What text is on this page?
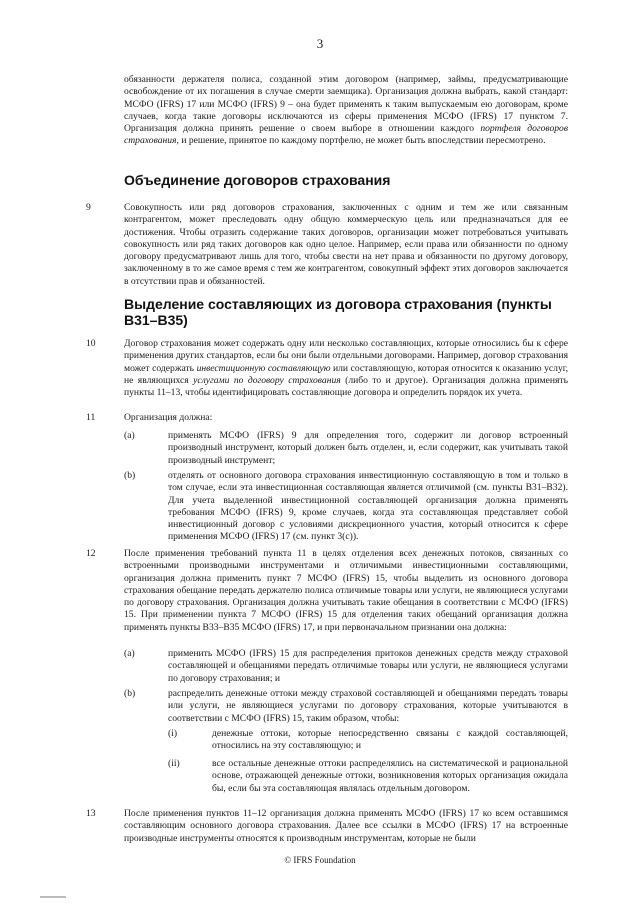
3
обязанности держателя полиса, созданной этим договором (например, займы, предусматривающие освобождение от их погашения в случае смерти заемщика). Организация должна выбрать, какой стандарт: МСФО (IFRS) 17 или МСФО (IFRS) 9 – она будет применять к таким выпускаемым ею договорам, кроме случаев, когда такие договоры исключаются из сферы применения МСФО (IFRS) 17 пунктом 7. Организация должна принять решение о своем выборе в отношении каждого портфеля договоров страхования, и решение, принятое по каждому портфелю, не может быть впоследствии пересмотрено.
Объединение договоров страхования
9	Совокупность или ряд договоров страхования, заключенных с одним и тем же или связанным контрагентом, может преследовать одну общую коммерческую цель или предназначаться для ее достижения. Чтобы отразить содержание таких договоров, организации может потребоваться учитывать совокупность или ряд таких договоров как одно целое. Например, если права или обязанности по одному договору предусматривают лишь для того, чтобы свести на нет права и обязанности по другому договору, заключенному в то же самое время с тем же контрагентом, совокупный эффект этих договоров заключается в отсутствии прав и обязанностей.
Выделение составляющих из договора страхования (пункты В31–В35)
10	Договор страхования может содержать одну или несколько составляющих, которые относились бы к сфере применения других стандартов, если бы они были отдельными договорами. Например, договор страхования может содержать инвестиционную составляющую или составляющую, которая относится к оказанию услуг, не являющихся услугами по договору страхования (либо то и другое). Организация должна применять пункты 11–13, чтобы идентифицировать составляющие договора и определить порядок их учета.
11	Организация должна:
(a)	применять МСФО (IFRS) 9 для определения того, содержит ли договор встроенный производный инструмент, который должен быть отделен, и, если содержит, как учитывать такой производный инструмент;
(b)	отделять от основного договора страхования инвестиционную составляющую в том и только в том случае, если эта инвестиционная составляющая является отличимой (см. пункты В31–В32). Для учета выделенной инвестиционной составляющей организация должна применять требования МСФО (IFRS) 9, кроме случаев, когда эта составляющая представляет собой инвестиционный договор с условиями дискреционного участия, который относится к сфере применения МСФО (IFRS) 17 (см. пункт 3(c)).
12	После применения требований пункта 11 в целях отделения всех денежных потоков, связанных со встроенными производными инструментами и отличимыми инвестиционными составляющими, организация должна применить пункт 7 МСФО (IFRS) 15, чтобы выделить из основного договора страхования обещание передать держателю полиса отличимые товары или услуги, не являющиеся услугами по договору страхования. Организация должна учитывать такие обещания в соответствии с МСФО (IFRS) 15. При применении пункта 7 МСФО (IFRS) 15 для отделения таких обещаний организация должна применять пункты В33–В35 МСФО (IFRS) 17, и при первоначальном признании она должна:
(a)	применить МСФО (IFRS) 15 для распределения притоков денежных средств между страховой составляющей и обещаниями передать отличимые товары или услуги, не являющиеся услугами по договору страхования; и
(b)	распределить денежные оттоки между страховой составляющей и обещаниями передать товары или услуги, не являющиеся услугами по договору страхования, которые учитываются в соответствии с МСФО (IFRS) 15, таким образом, чтобы:
(i)	денежные оттоки, которые непосредственно связаны с каждой составляющей, относились на эту составляющую; и
(ii)	все остальные денежные оттоки распределялись на систематической и рациональной основе, отражающей денежные оттоки, возникновения которых организация ожидала бы, если бы эта составляющая являлась отдельным договором.
13	После применения пунктов 11–12 организация должна применять МСФО (IFRS) 17 ко всем оставшимся составляющим основного договора страхования. Далее все ссылки в МСФО (IFRS) 17 на встроенные производные инструменты относятся к производным инструментам, которые не были
© IFRS Foundation
